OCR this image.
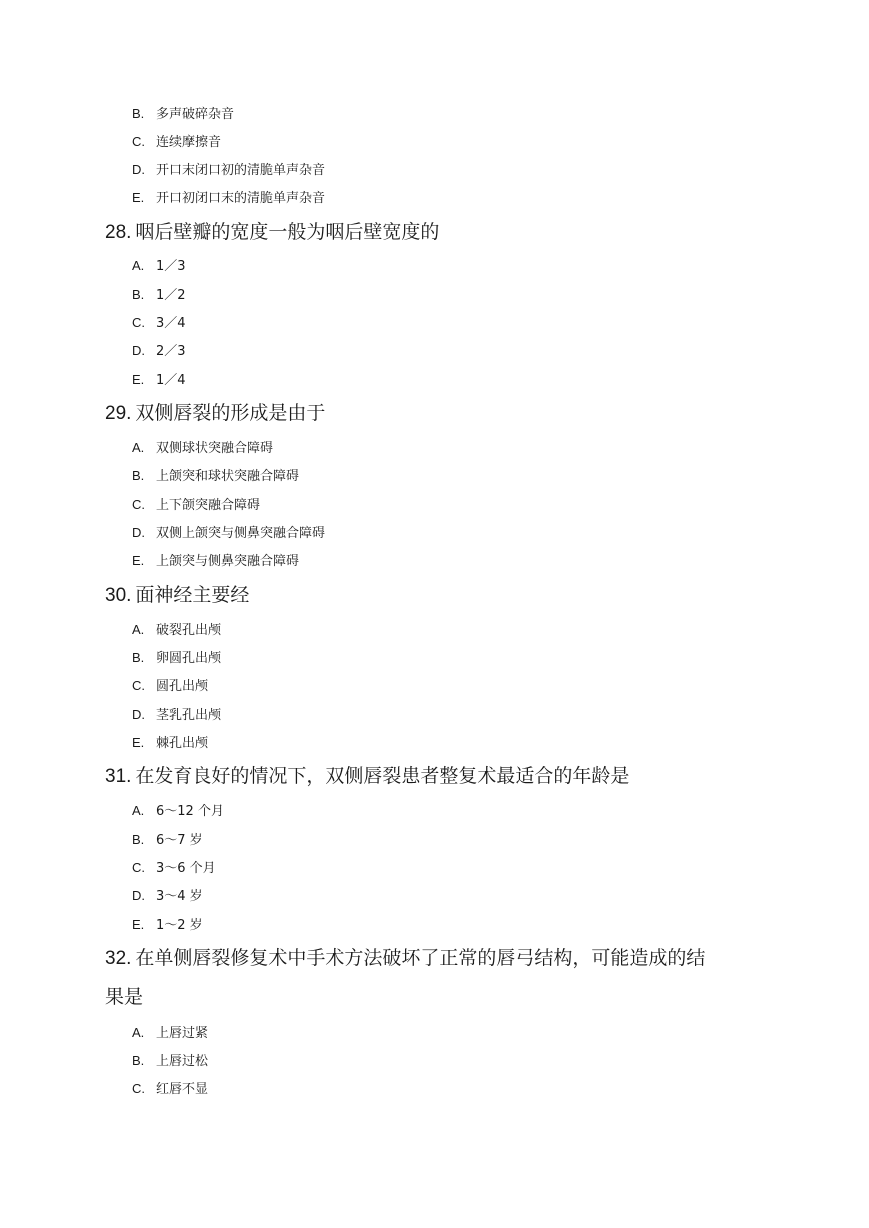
B. 多声破碎杂音
C. 连续摩擦音
D. 开口末闭口初的清脆单声杂音
E. 开口初闭口末的清脆单声杂音
28. 咽后壁瓣的宽度一般为咽后壁宽度的
A. 1／3
B. 1／2
C. 3／4
D. 2／3
E. 1／4
29. 双侧唇裂的形成是由于
A. 双侧球状突融合障碍
B. 上颌突和球状突融合障碍
C. 上下颌突融合障碍
D. 双侧上颌突与侧鼻突融合障碍
E. 上颌突与侧鼻突融合障碍
30. 面神经主要经
A. 破裂孔出颅
B. 卵圆孔出颅
C. 圆孔出颅
D. 茎乳孔出颅
E. 棘孔出颅
31. 在发育良好的情况下，双侧唇裂患者整复术最适合的年龄是
A. 6～12 个月
B. 6～7 岁
C. 3～6 个月
D. 3～4 岁
E. 1～2 岁
32. 在单侧唇裂修复术中手术方法破坏了正常的唇弓结构，可能造成的结
果是
A. 上唇过紧
B. 上唇过松
C. 红唇不显
